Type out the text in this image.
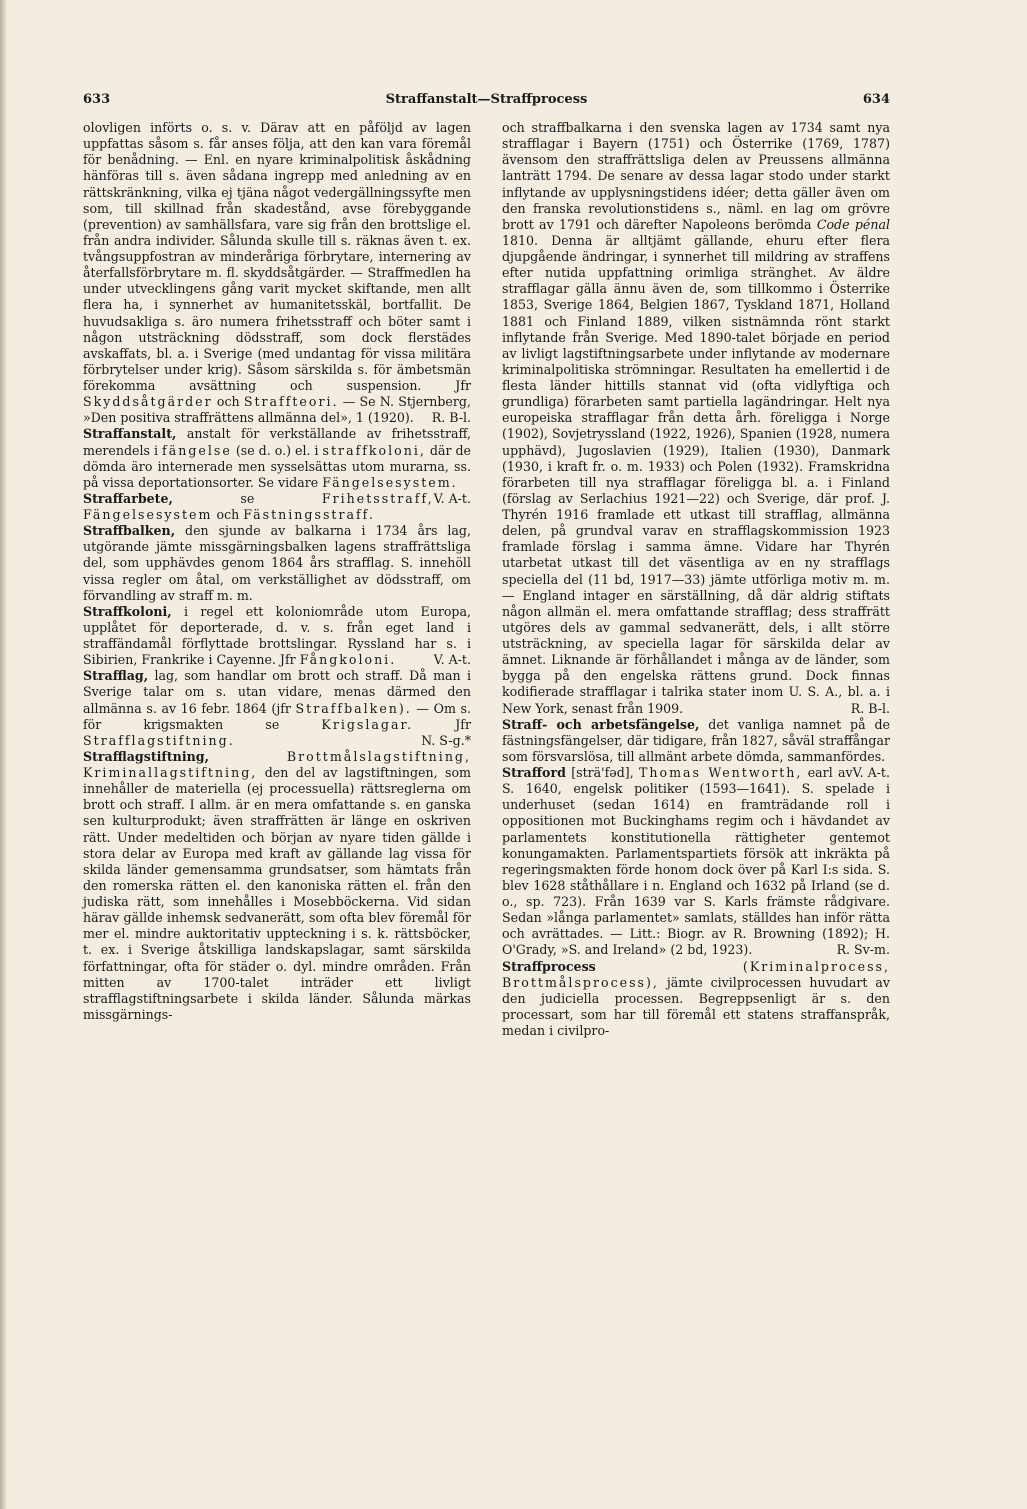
633	Straffanstalt—Straffprocess	634

olovligen införts o. s. v. Därav att en påföljd av lagen uppfattas såsom s. får anses följa, att den kan vara föremål för benådning. — Enl. en nyare kriminalpolitisk åskådning hänföras till s. även sådana ingrepp med anledning av en rättskränkning, vilka ej tjäna något vedergällningssyfte men som, till skillnad från skadestånd, avse förebyggande (prevention) av samhällsfara, vare sig från den brottslige el. från andra individer. Sålunda skulle till s. räknas även t. ex. tvångsuppfostran av minderåriga förbrytare, internering av återfallsförbrytare m. fl. skyddsåtgärder. — Straffmedlen ha under utvecklingens gång varit mycket skiftande, men allt flera ha, i synnerhet av humanitetsskäl, bortfallit. De huvudsakliga s. äro numera frihetsstraff och böter samt i någon utsträckning dödsstraff, som dock flerstädes avskaffats, bl. a. i Sverige (med undantag för vissa militära förbrytelser under krig). Såsom särskilda s. för ämbetsmän förekomma avsättning och suspension. Jfr Skyddsåtgärder och Straffteori. — Se N. Stjernberg, »Den positiva straffrättens allmänna del», 1 (1920). R. B-l.

Straffanstalt, anstalt för verkställande av frihetsstraff, merendels i fängelse (se d. o.) el. i straffkoloni, där de dömda äro internerade men sysselsättas utom murarna, ss. på vissa deportationsorter. Se vidare Fängelsesystem.
V. A-t.

Straffarbete,	se	Frihetsstraff, Fängelsesystem och Fästningsstraff.

Straffbalken, den sjunde av balkarna i 1734 års lag, utgörande jämte missgärningsbalken lagens straffrättsliga del, som upphävdes genom 1864 års strafflag. S. innehöll vissa regler om åtal, om verkställighet av dödsstraff, om förvandling av straff m. m.

Straffkoloni, i regel ett koloniområde utom Europa, upplåtet för deporterade, d. v. s. från eget land i straffändamål förflyttade brottslingar. Ryssland har s. i Sibirien, Frankrike i Cayenne. Jfr Fångkoloni.	V. A-t.

Strafflag, lag, som handlar om brott och straff. Då man i Sverige talar om s. utan vidare, menas därmed den allmänna s. av 16 febr. 1864 (jfr Straffbalken). — Om s. för krigsmakten se	Krigslagar.	Jfr Strafflagstiftning.	N. S-g.*

Strafflagstiftning,	Brottmålslagstiftning, Kriminallagstiftning, den del av lagstiftningen, som innehåller de materiella (ej processuella) rättsreglerna om brott och straff. I allm. är en mera omfattande s. en ganska sen kulturprodukt; även straffrätten är länge en oskriven rätt. Under medeltiden och början av nyare tiden gällde i stora delar av Europa med kraft av gällande lag vissa för skilda länder gemensamma grundsatser, som hämtats från den romerska rätten el. den kanoniska rätten el. från den judiska rätt, som innehålles i Mosebböckerna. Vid sidan härav gällde inhemsk sedvanerätt, som ofta blev föremål för mer el. mindre auktoritativ uppteckning i s. k. rättsböcker, t. ex. i Sverige åtskilliga landskapslagar, samt särskilda författningar, ofta för städer o. dyl. mindre områden. Från mitten av 1700-talet inträder ett livligt strafflagstiftningsarbete i skilda länder. Sålunda märkas missgärnings-

och straffbalkarna i den svenska lagen av 1734 samt nya strafflagar i Bayern (1751) och Österrike (1769, 1787) ävensom den straffrättsliga delen av Preussens allmänna lanträtt 1794. De senare av dessa lagar stodo under starkt inflytande av upplysningstidens idéer; detta gäller även om den franska revolutionstidens s., näml. en lag om grövre brott av 1791 och därefter Napoleons berömda Code pénal 1810. Denna är alltjämt gällande, ehuru efter flera djupgående ändringar, i synnerhet till mildring av straffens efter nutida uppfattning orimliga stränghet. Av äldre strafflagar gälla ännu även de, som tillkommo i Österrike 1853, Sverige 1864, Belgien 1867, Tyskland 1871, Holland 1881 och Finland 1889, vilken sistnämnda rönt starkt inflytande från Sverige. Med 1890-talet började en period av livligt lagstiftningsarbete under inflytande av modernare kriminalpolitiska strömningar. Resultaten ha emellertid i de flesta länder hittills stannat vid (ofta vidlyftiga och grundliga) förarbeten samt partiella lagändringar. Helt nya europeiska strafflagar från detta årh. föreligga i Norge (1902), Sovjetryssland (1922, 1926), Spanien (1928, numera upphävd), Jugoslavien (1929), Italien (1930), Danmark (1930, i kraft fr. o. m. 1933) och Polen (1932). Framskridna förarbeten till nya strafflagar föreligga bl. a. i Finland (förslag av Serlachius 1921—22) och Sverige, där prof. J. Thyrén 1916 framlade ett utkast till strafflag, allmänna delen, på grundval varav en strafflagskommission 1923 framlade förslag i samma ämne. Vidare har Thyrén utarbetat utkast till det väsentliga av en ny strafflags speciella del (11 bd, 1917—33) jämte utförliga motiv m. m. — England intager en särställning, då där aldrig stiftats någon allmän el. mera omfattande strafflag; dess straffrätt utgöres dels av gammal sedvanerätt, dels, i allt större utsträckning, av speciella lagar för särskilda delar av ämnet. Liknande är förhållandet i många av de länder, som bygga på den engelska rättens grund. Dock finnas kodifierade strafflagar i talrika stater inom U. S. A., bl. a. i New York, senast från 1909.	R. B-l.

Straff- och arbetsfängelse, det vanliga namnet på de fästningsfängelser, där tidigare, från 1827, såväl straffångar som försvarslösa, till allmänt arbete dömda, sammanfördes.
V. A-t.

Strafford [strä'fəd], Thomas Wentworth, earl av S. 1640, engelsk politiker (1593—1641). S. spelade i underhuset (sedan 1614) en framträdande roll i oppositionen mot Buckinghams regim och i hävdandet av parlamentets konstitutionella rättigheter gentemot konungamakten. Parlamentspartiets försök att inkräkta på regeringsmakten förde honom dock över på Karl I:s sida. S. blev 1628 ståthållare i n. England och 1632 på Irland (se d. o., sp. 723). Från 1639 var S. Karls främste rådgivare. Sedan »långa parlamentet» samlats, ställdes han inför rätta och avrättades. — Litt.: Biogr. av R. Browning (1892); H. O'Grady, »S. and Ireland» (2 bd, 1923).	R. Sv-m.

Straffprocess	(Kriminalprocess, Brottmålsprocess), jämte civilprocessen huvudart av den judiciella processen. Begreppsenligt är s. den processart, som har till föremål ett statens straffanspråk, medan i civilpro-
